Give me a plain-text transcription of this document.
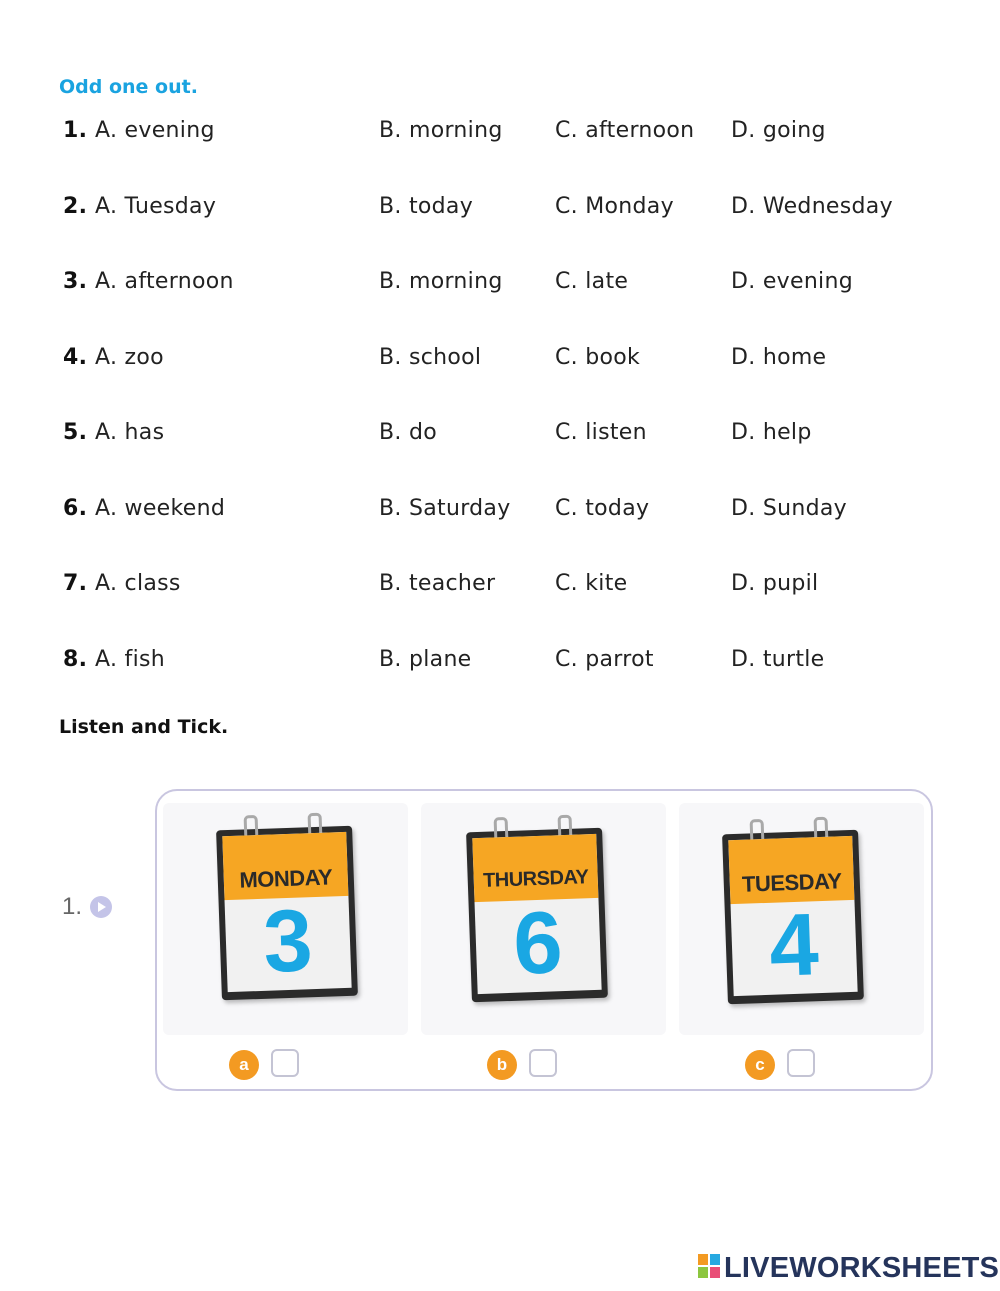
Odd one out.
1. A. evening	B. morning C. afternoon D. going
2. A. Tuesday	B. today	C. Monday	D. Wednesday
3. A. afternoon	B. morning C. late	D. evening
4. A. zoo	B. school	C. book	D. home
5. A. has	B. do	C. listen	D. help
6. A. weekend	B. Saturday C. today	D. Sunday
7. A. class	B. teacher	C. kite	D. pupil
8. A. fish	B. plane	C. parrot	D. turtle
Listen and Tick.
1.
MONDAY
3
THURSDAY
6
TUESDAY
4
a	b	c
LIVEWORKSHEETS
